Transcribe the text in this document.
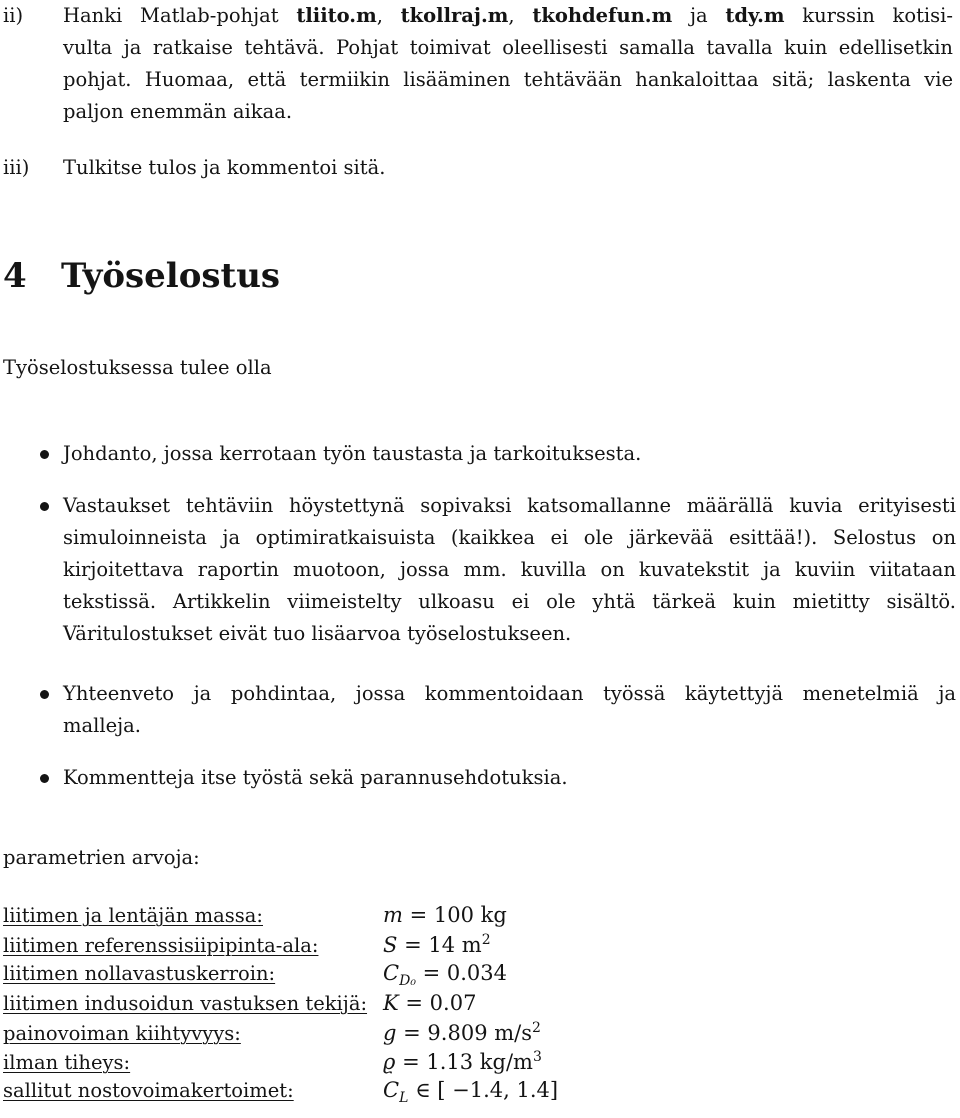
ii)	Hanki Matlab-pohjat tliito.m, tkollraj.m, tkohdefun.m ja tdy.m kurssin kotisi-
vulta ja ratkaise tehtävä. Pohjat toimivat oleellisesti samalla tavalla kuin edellisetkin
pohjat. Huomaa, että termiikin lisääminen tehtävään hankaloittaa sitä; laskenta vie
paljon enemmän aikaa.
iii)	Tulkitse tulos ja kommentoi sitä.
4 Työselostus
Työselostuksessa tulee olla
Johdanto, jossa kerrotaan työn taustasta ja tarkoituksesta.
Vastaukset tehtäviin höystettynä sopivaksi katsomallanne määrällä kuvia erityisesti
simuloinneista ja optimiratkaisuista (kaikkea ei ole järkevää esittää!). Selostus on
kirjoitettava raportin muotoon, jossa mm. kuvilla on kuvatekstit ja kuviin viitataan
tekstissä. Artikkelin viimeistelty ulkoasu ei ole yhtä tärkeä kuin mietitty sisältö.
Väritulostukset eivät tuo lisäarvoa työselostukseen.
Yhteenveto ja pohdintaa, jossa kommentoidaan työssä käytettyjä menetelmiä ja
malleja.
Kommentteja itse työstä sekä parannusehdotuksia.
parametrien arvoja:
liitimen ja lentäjän massa:	m = 100 kg
liitimen referenssisiipipinta-ala:	S = 14 $m^2$
liitimen nollavastuskerroin:	$C_{D_0} = 0.034$
liitimen indusoidun vastuksen tekijä:	K = 0.07
painovoiman kiihtyvyys:	g = 9.809 $m/s^2$
ilman tiheys:	ϱ = 1.13 $kg/m^3$
sallitut nostovoimakertoimet:	$C_L$ ∈ [ −1.4, 1.4]
